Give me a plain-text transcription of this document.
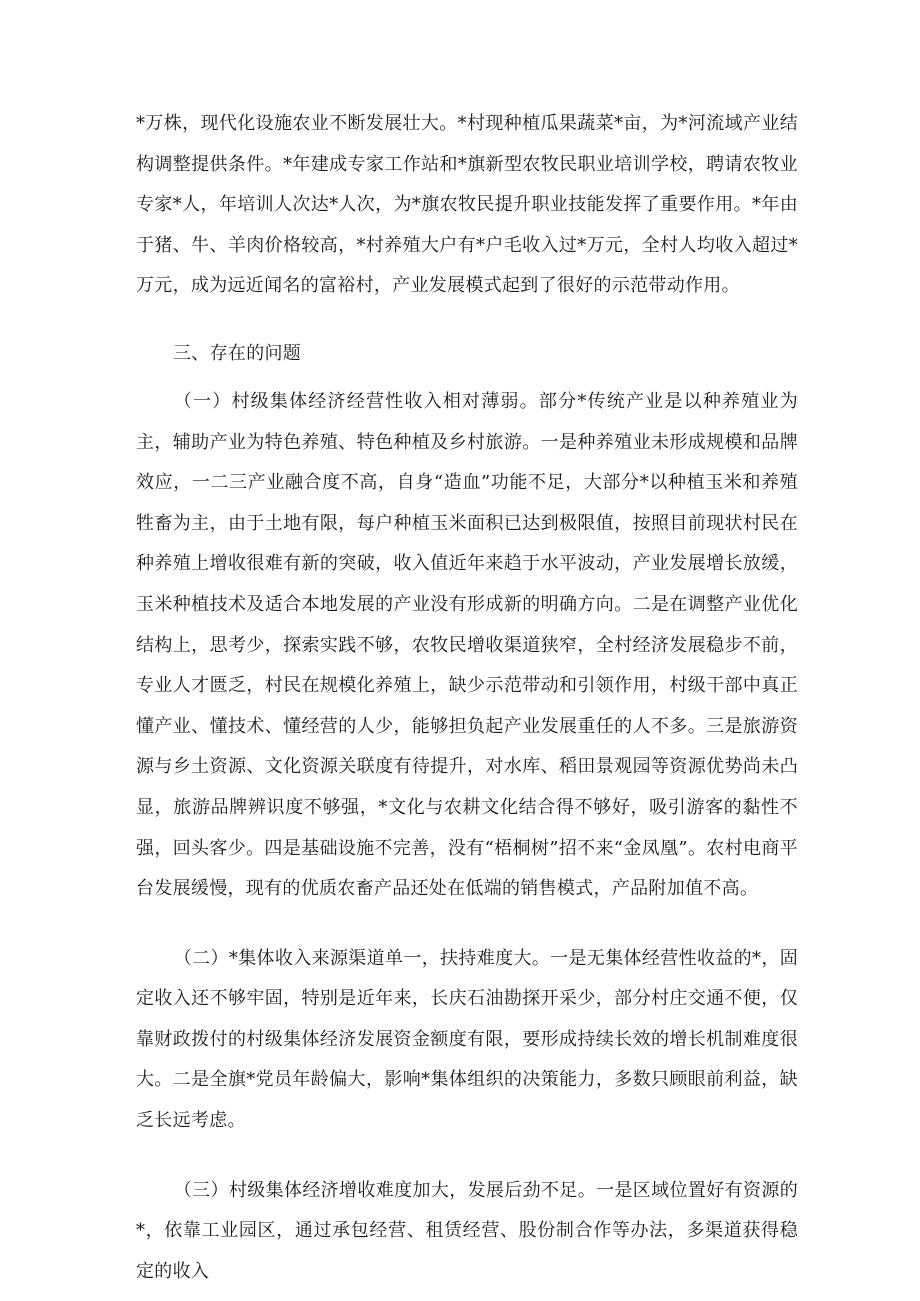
*万株，现代化设施农业不断发展壮大。*村现种植瓜果蔬菜*亩，为*河流域产业结构调整提供条件。*年建成专家工作站和*旗新型农牧民职业培训学校，聘请农牧业专家*人，年培训人次达*人次，为*旗农牧民提升职业技能发挥了重要作用。*年由于猪、牛、羊肉价格较高，*村养殖大户有*户毛收入过*万元，全村人均收入超过*万元，成为远近闻名的富裕村，产业发展模式起到了很好的示范带动作用。

三、存在的问题

（一）村级集体经济经营性收入相对薄弱。部分*传统产业是以种养殖业为主，辅助产业为特色养殖、特色种植及乡村旅游。一是种养殖业未形成规模和品牌效应，一二三产业融合度不高，自身“造血”功能不足，大部分*以种植玉米和养殖牲畜为主，由于土地有限，每户种植玉米面积已达到极限值，按照目前现状村民在种养殖上增收很难有新的突破，收入值近年来趋于水平波动，产业发展增长放缓，玉米种植技术及适合本地发展的产业没有形成新的明确方向。二是在调整产业优化结构上，思考少，探索实践不够，农牧民增收渠道狭窄，全村经济发展稳步不前，专业人才匮乏，村民在规模化养殖上，缺少示范带动和引领作用，村级干部中真正懂产业、懂技术、懂经营的人少，能够担负起产业发展重任的人不多。三是旅游资源与乡土资源、文化资源关联度有待提升，对水库、稻田景观园等资源优势尚未凸显，旅游品牌辨识度不够强，*文化与农耕文化结合得不够好，吸引游客的黏性不强，回头客少。四是基础设施不完善，没有“梧桐树”招不来“金凤凰”。农村电商平台发展缓慢，现有的优质农畜产品还处在低端的销售模式，产品附加值不高。

（二）*集体收入来源渠道单一，扶持难度大。一是无集体经营性收益的*，固定收入还不够牢固，特别是近年来，长庆石油勘探开采少，部分村庄交通不便，仅靠财政拨付的村级集体经济发展资金额度有限，要形成持续长效的增长机制难度很大。二是全旗*党员年龄偏大，影响*集体组织的决策能力，多数只顾眼前利益，缺乏长远考虑。

（三）村级集体经济增收难度加大，发展后劲不足。一是区域位置好有资源的*，依靠工业园区，通过承包经营、租赁经营、股份制合作等办法，多渠道获得稳定的收入
